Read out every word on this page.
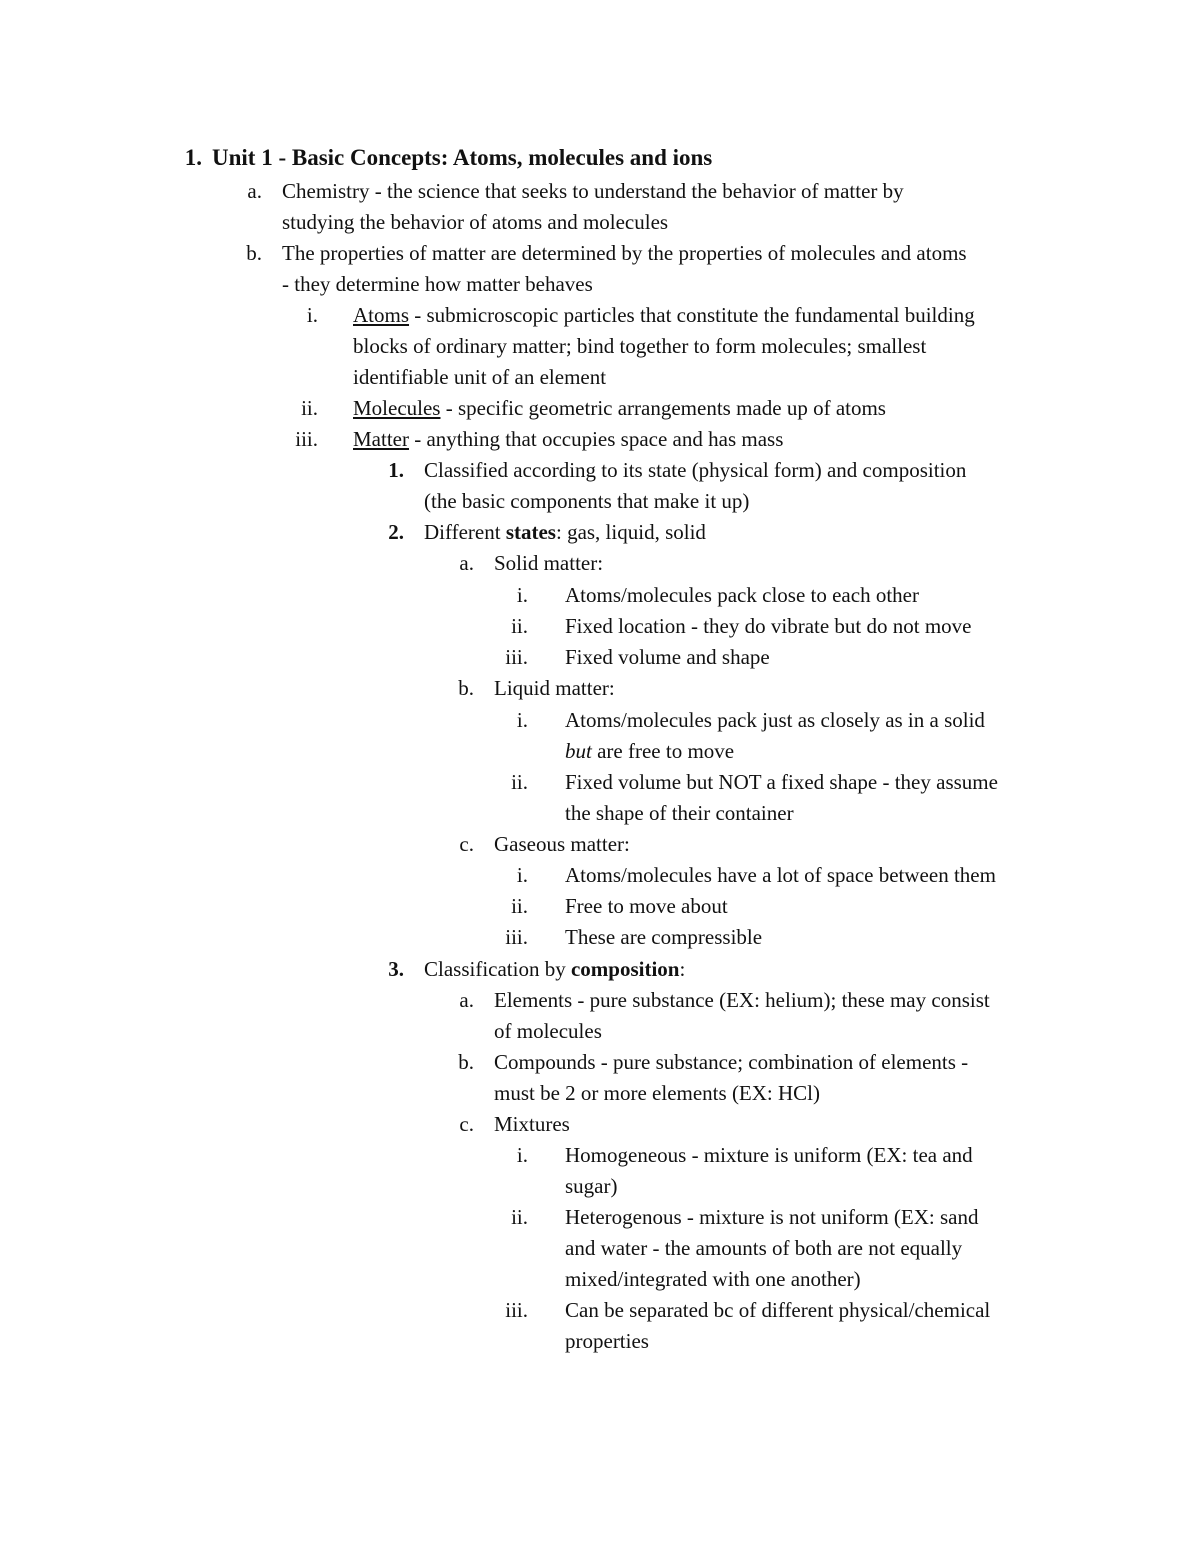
1. Unit 1 - Basic Concepts: Atoms, molecules and ions
a. Chemistry - the science that seeks to understand the behavior of matter by
studying the behavior of atoms and molecules
b. The properties of matter are determined by the properties of molecules and atoms
- they determine how matter behaves
i. Atoms - submicroscopic particles that constitute the fundamental building
blocks of ordinary matter; bind together to form molecules; smallest
identifiable unit of an element
ii. Molecules - specific geometric arrangements made up of atoms
iii. Matter - anything that occupies space and has mass
1. Classified according to its state (physical form) and composition
(the basic components that make it up)
2. Different states: gas, liquid, solid
a. Solid matter:
i. Atoms/molecules pack close to each other
ii. Fixed location - they do vibrate but do not move
iii. Fixed volume and shape
b. Liquid matter:
i. Atoms/molecules pack just as closely as in a solid
but are free to move
ii. Fixed volume but NOT a fixed shape - they assume
the shape of their container
c. Gaseous matter:
i. Atoms/molecules have a lot of space between them
ii. Free to move about
iii. These are compressible
3. Classification by composition:
a. Elements - pure substance (EX: helium); these may consist
of molecules
b. Compounds - pure substance; combination of elements -
must be 2 or more elements (EX: HCl)
c. Mixtures
i. Homogeneous - mixture is uniform (EX: tea and
sugar)
ii. Heterogenous - mixture is not uniform (EX: sand
and water - the amounts of both are not equally
mixed/integrated with one another)
iii. Can be separated bc of different physical/chemical
properties
